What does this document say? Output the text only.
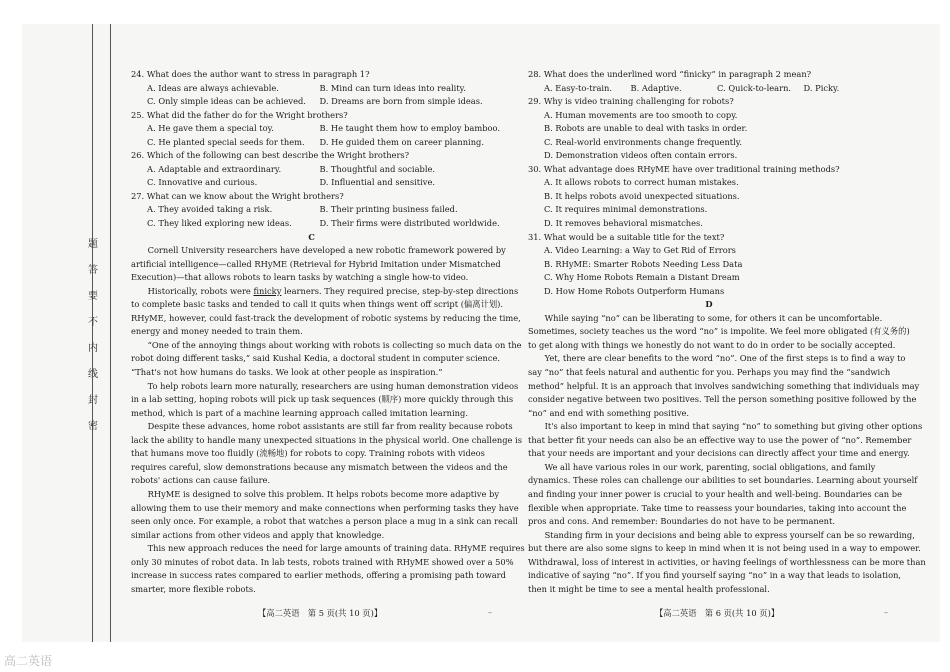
题
答
要
不
内
线
封
密
24. What does the author want to stress in paragraph 1?
A. Ideas are always achievable.	B. Mind can turn ideas into reality.
C. Only simple ideas can be achieved.	D. Dreams are born from simple ideas.
25. What did the father do for the Wright brothers?
A. He gave them a special toy.	B. He taught them how to employ bamboo.
C. He planted special seeds for them.	D. He guided them on career planning.
26. Which of the following can best describe the Wright brothers?
A. Adaptable and extraordinary.	B. Thoughtful and sociable.
C. Innovative and curious.	D. Influential and sensitive.
27. What can we know about the Wright brothers?
A. They avoided taking a risk.	B. Their printing business failed.
C. They liked exploring new ideas.	D. Their firms were distributed worldwide.
C
Cornell University researchers have developed a new robotic framework powered by
artificial intelligence—called RHyME (Retrieval for Hybrid Imitation under Mismatched
Execution)—that allows robots to learn tasks by watching a single how-to video.
Historically, robots were finicky learners. They required precise, step-by-step directions
to complete basic tasks and tended to call it quits when things went off script (偏离计划).
RHyME, however, could fast-track the development of robotic systems by reducing the time,
energy and money needed to train them.
“One of the annoying things about working with robots is collecting so much data on the
robot doing different tasks,” said Kushal Kedia, a doctoral student in computer science.
“That's not how humans do tasks. We look at other people as inspiration.”
To help robots learn more naturally, researchers are using human demonstration videos
in a lab setting, hoping robots will pick up task sequences (顺序) more quickly through this
method, which is part of a machine learning approach called imitation learning.
Despite these advances, home robot assistants are still far from reality because robots
lack the ability to handle many unexpected situations in the physical world. One challenge is
that humans move too fluidly (流畅地) for robots to copy. Training robots with videos
requires careful, slow demonstrations because any mismatch between the videos and the
robots' actions can cause failure.
RHyME is designed to solve this problem. It helps robots become more adaptive by
allowing them to use their memory and make connections when performing tasks they have
seen only once. For example, a robot that watches a person place a mug in a sink can recall
similar actions from other videos and apply that knowledge.
This new approach reduces the need for large amounts of training data. RHyME requires
only 30 minutes of robot data. In lab tests, robots trained with RHyME showed over a 50%
increase in success rates compared to earlier methods, offering a promising path toward
smarter, more flexible robots.
28. What does the underlined word “finicky” in paragraph 2 mean?
A. Easy-to-train.	B. Adaptive.	C. Quick-to-learn.	D. Picky.
29. Why is video training challenging for robots?
A. Human movements are too smooth to copy.
B. Robots are unable to deal with tasks in order.
C. Real-world environments change frequently.
D. Demonstration videos often contain errors.
30. What advantage does RHyME have over traditional training methods?
A. It allows robots to correct human mistakes.
B. It helps robots avoid unexpected situations.
C. It requires minimal demonstrations.
D. It removes behavioral mismatches.
31. What would be a suitable title for the text?
A. Video Learning: a Way to Get Rid of Errors
B. RHyME: Smarter Robots Needing Less Data
C. Why Home Robots Remain a Distant Dream
D. How Home Robots Outperform Humans
D
While saying “no” can be liberating to some, for others it can be uncomfortable.
Sometimes, society teaches us the word “no” is impolite. We feel more obligated (有义务的)
to get along with things we honestly do not want to do in order to be socially accepted.
Yet, there are clear benefits to the word “no”. One of the first steps is to find a way to
say “no” that feels natural and authentic for you. Perhaps you may find the “sandwich
method” helpful. It is an approach that involves sandwiching something that individuals may
consider negative between two positives. Tell the person something positive followed by the
“no” and end with something positive.
It's also important to keep in mind that saying “no” to something but giving other options
that better fit your needs can also be an effective way to use the power of “no”. Remember
that your needs are important and your decisions can directly affect your time and energy.
We all have various roles in our work, parenting, social obligations, and family
dynamics. These roles can challenge our abilities to set boundaries. Learning about yourself
and finding your inner power is crucial to your health and well-being. Boundaries can be
flexible when appropriate. Take time to reassess your boundaries, taking into account the
pros and cons. And remember: Boundaries do not have to be permanent.
Standing firm in your decisions and being able to express yourself can be so rewarding,
but there are also some signs to keep in mind when it is not being used in a way to empower.
Withdrawal, loss of interest in activities, or having feelings of worthlessness can be more than
indicative of saying “no”. If you find yourself saying “no” in a way that leads to isolation,
then it might be time to see a mental health professional.
【高二英语　第 5 页(共 10 页)】	【高二英语　第 6 页(共 10 页)】
–	–
高二英语
